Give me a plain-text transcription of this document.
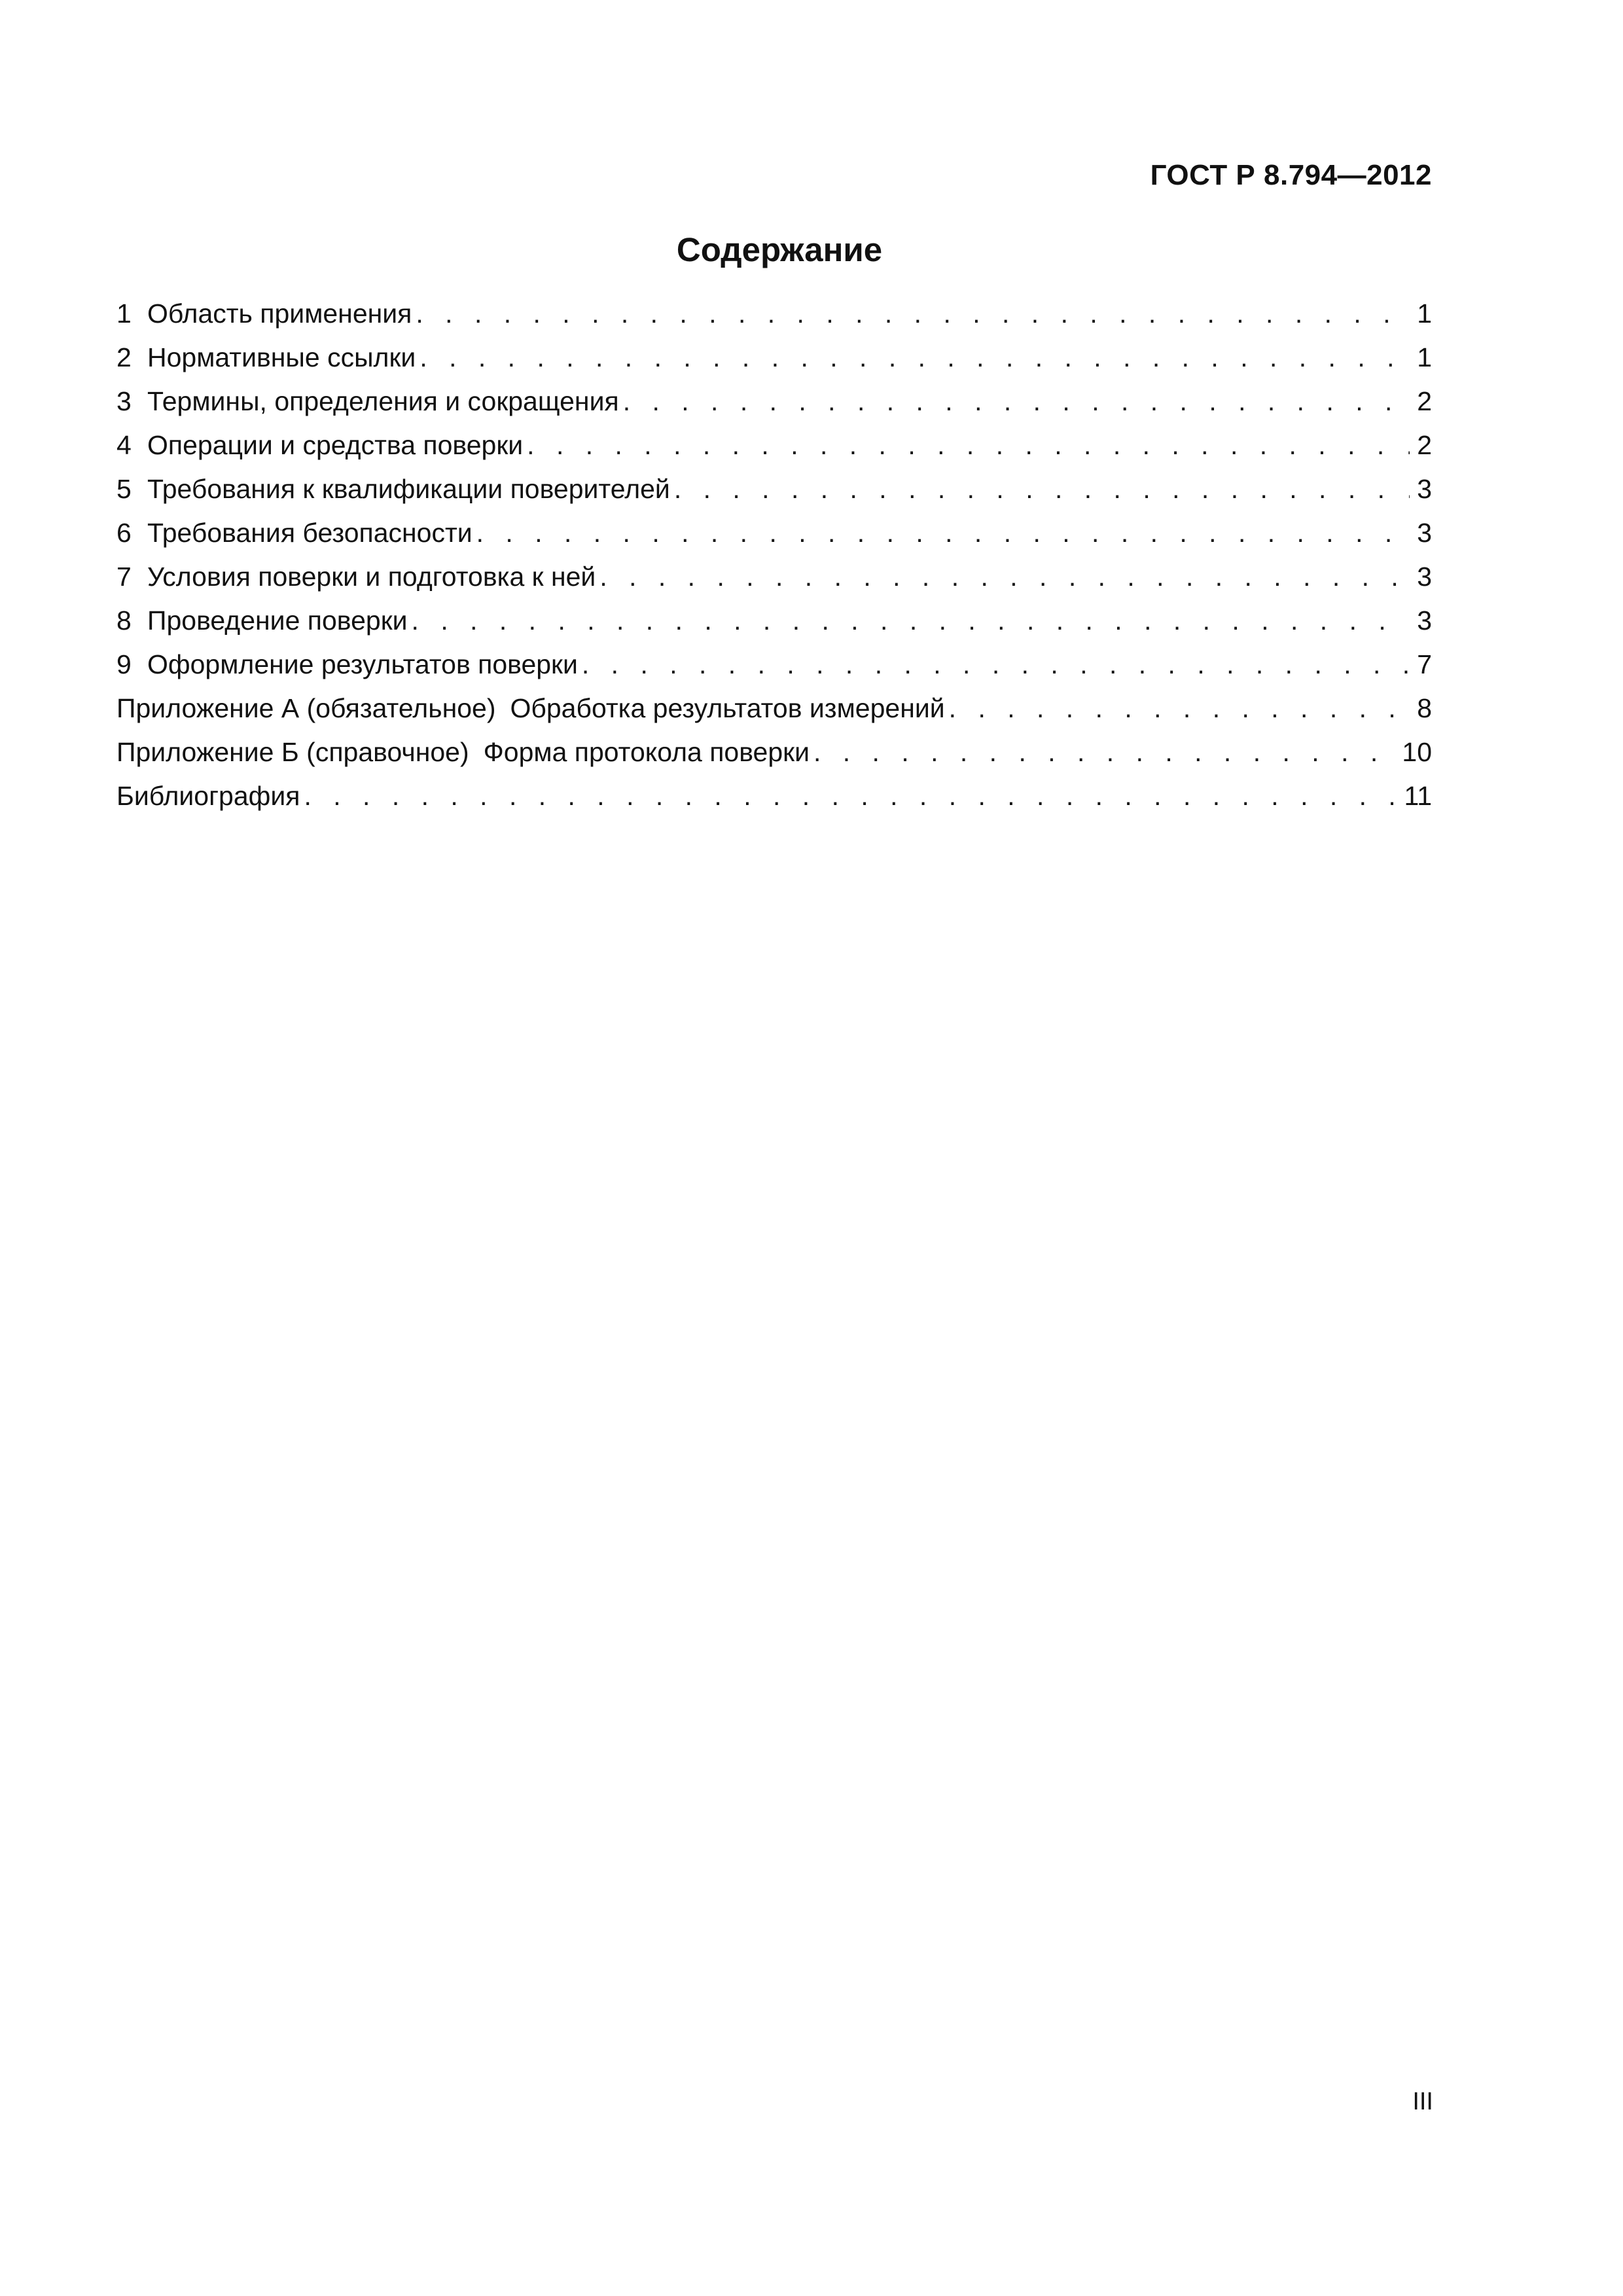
ГОСТ Р 8.794—2012
Содержание
1 Область применения . . .	1
2 Нормативные ссылки . . .	1
3 Термины, определения и сокращения . . .	2
4 Операции и средства поверки . . .	2
5 Требования к квалификации поверителей . . .	3
6 Требования безопасности . . .	3
7 Условия поверки и подготовка к ней . . .	3
8 Проведение поверки . . .	3
9 Оформление результатов поверки . . .	7
Приложение А (обязательное) Обработка результатов измерений . . .	8
Приложение Б (справочное) Форма протокола поверки . . .	10
Библиография . . .	11
III
